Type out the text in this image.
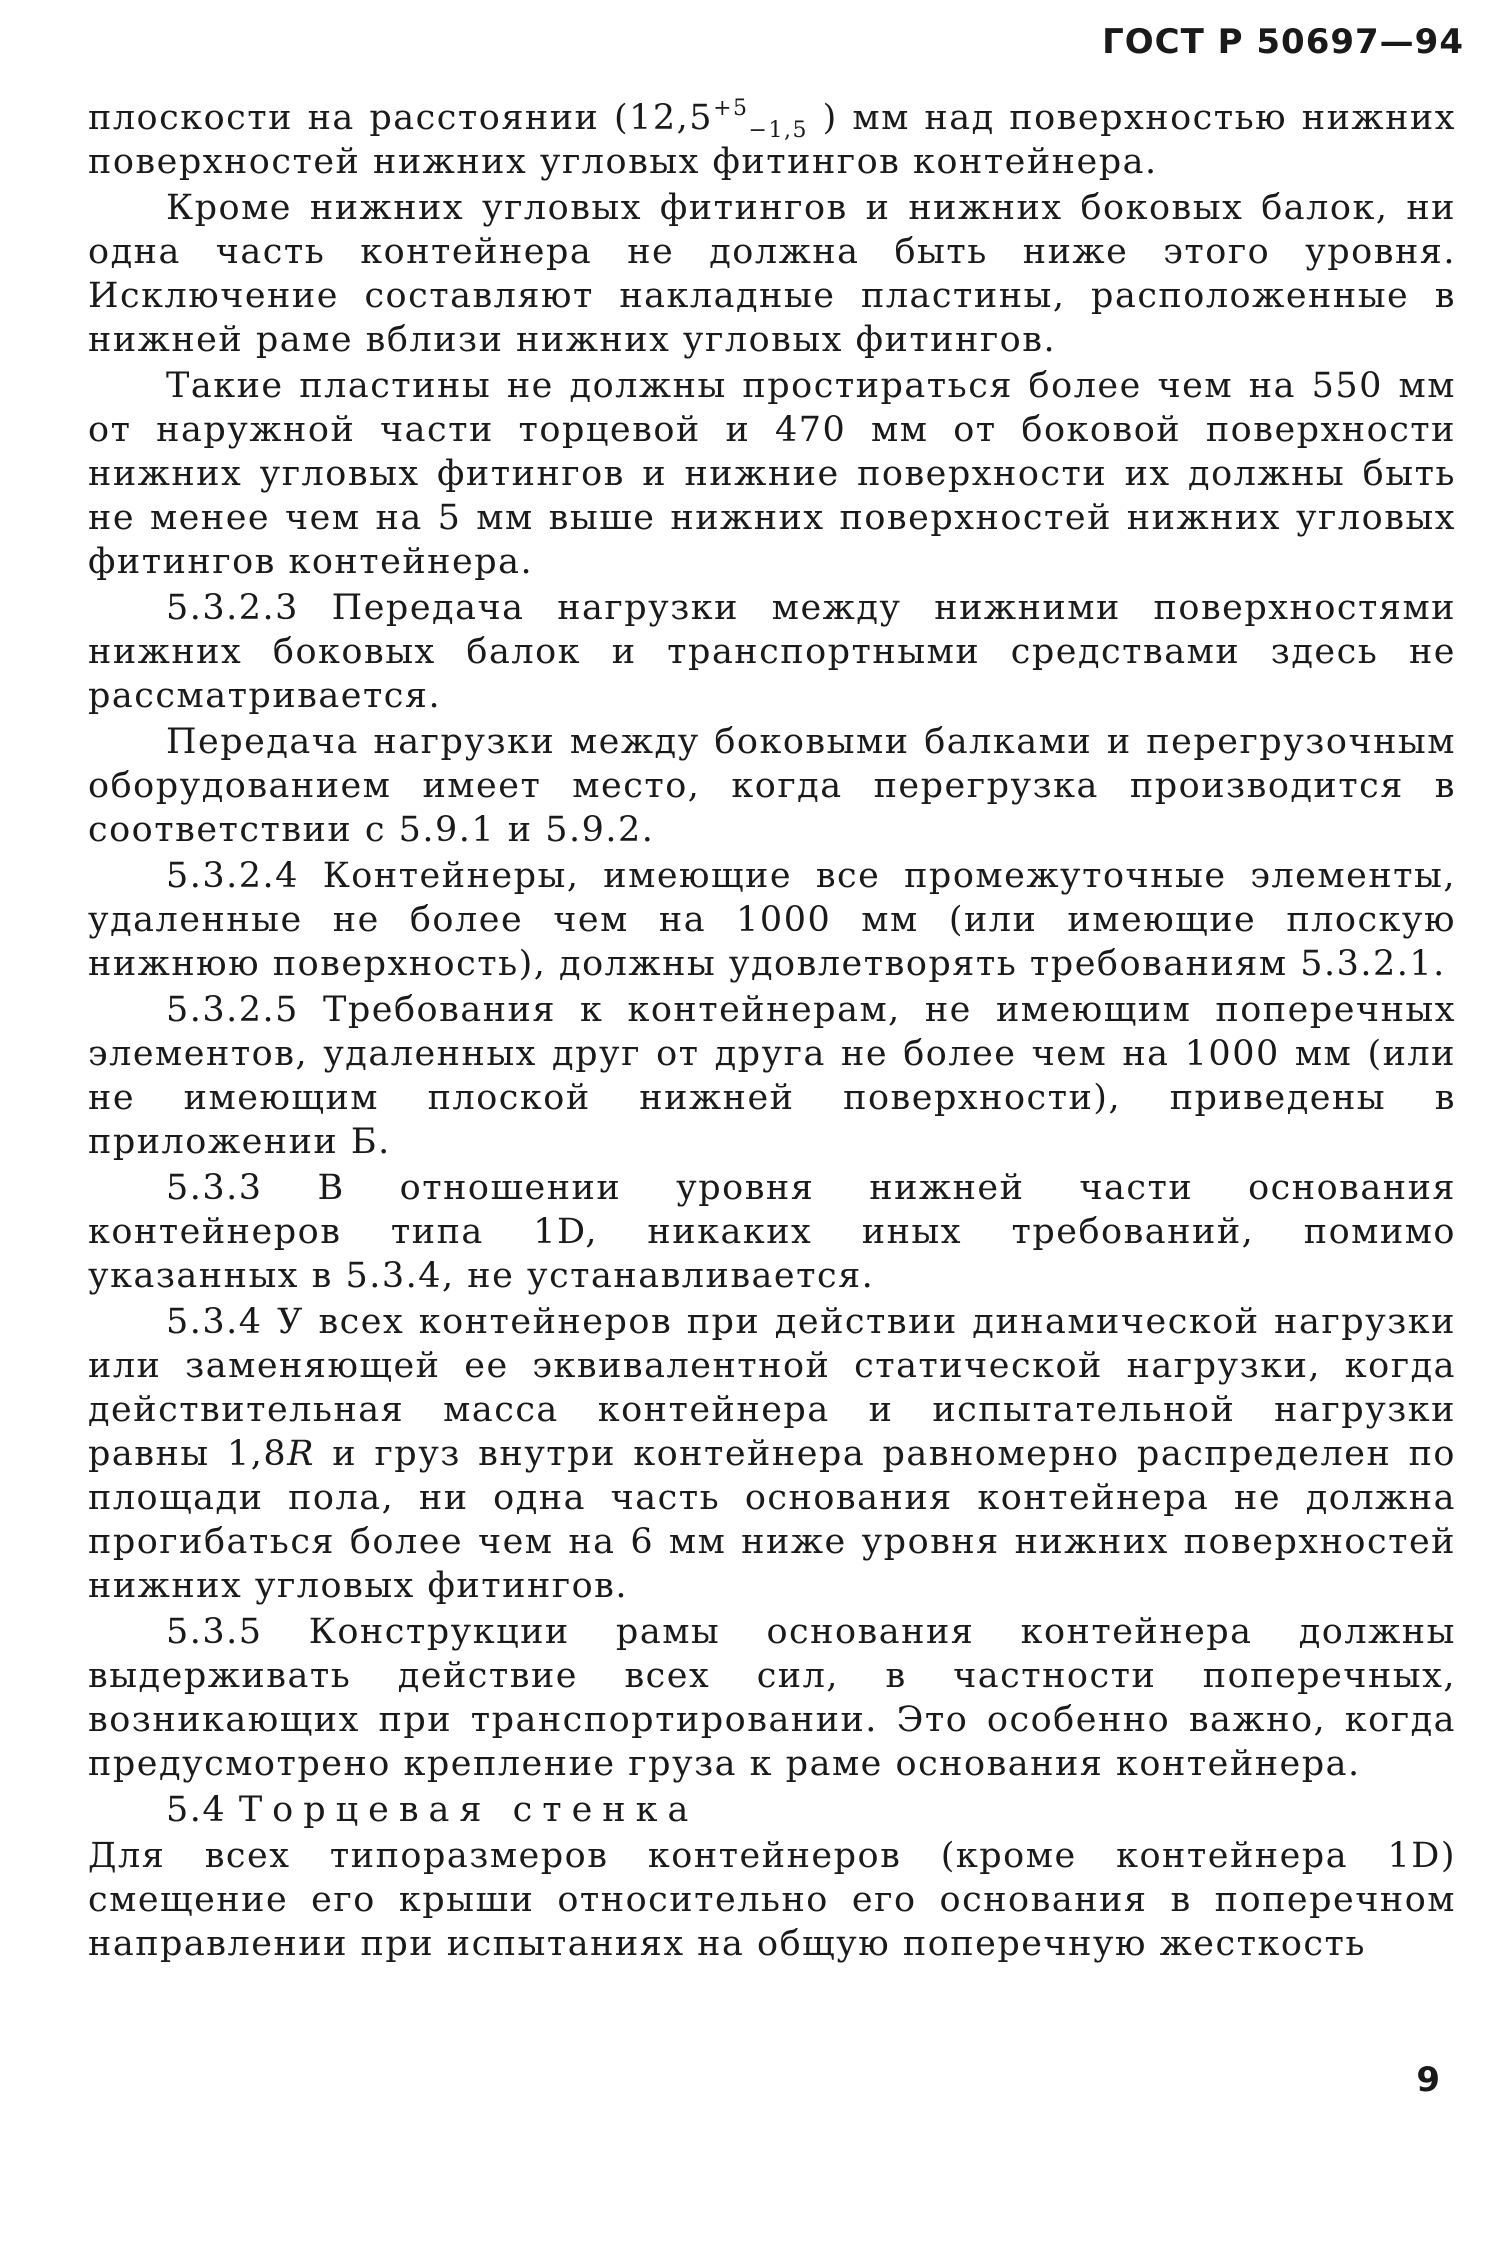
ГОСТ Р 50697—94

плоскости на расстоянии (12,5+5−1,5 ) мм над поверхностью нижних поверхностей нижних угловых фитингов контейнера.

Кроме нижних угловых фитингов и нижних боковых балок, ни одна часть контейнера не должна быть ниже этого уровня. Исключение составляют накладные пластины, расположенные в нижней раме вблизи нижних угловых фитингов.

Такие пластины не должны простираться более чем на 550 мм от наружной части торцевой и 470 мм от боковой поверхности нижних угловых фитингов и нижние поверхности их должны быть не менее чем на 5 мм выше нижних поверхностей нижних угловых фитингов контейнера.

5.3.2.3 Передача нагрузки между нижними поверхностями нижних боковых балок и транспортными средствами здесь не рассматривается.

Передача нагрузки между боковыми балками и перегрузочным оборудованием имеет место, когда перегрузка производится в соответствии с 5.9.1 и 5.9.2.

5.3.2.4 Контейнеры, имеющие все промежуточные элементы, удаленные не более чем на 1000 мм (или имеющие плоскую нижнюю поверхность), должны удовлетворять требованиям 5.3.2.1.

5.3.2.5 Требования к контейнерам, не имеющим поперечных элементов, удаленных друг от друга не более чем на 1000 мм (или не имеющим плоской нижней поверхности), приведены в приложении Б.

5.3.3 В отношении уровня нижней части основания контейнеров типа 1D, никаких иных требований, помимо указанных в 5.3.4, не устанавливается.

5.3.4 У всех контейнеров при действии динамической нагрузки или заменяющей ее эквивалентной статической нагрузки, когда действительная масса контейнера и испытательной нагрузки равны 1,8R и груз внутри контейнера равномерно распределен по площади пола, ни одна часть основания контейнера не должна прогибаться более чем на 6 мм ниже уровня нижних поверхностей нижних угловых фитингов.

5.3.5 Конструкции рамы основания контейнера должны выдерживать действие всех сил, в частности поперечных, возникающих при транспортировании. Это особенно важно, когда предусмотрено крепление груза к раме основания контейнера.

5.4 Торцевая стенка

Для всех типоразмеров контейнеров (кроме контейнера 1D) смещение его крыши относительно его основания в поперечном направлении при испытаниях на общую поперечную жесткость

9
